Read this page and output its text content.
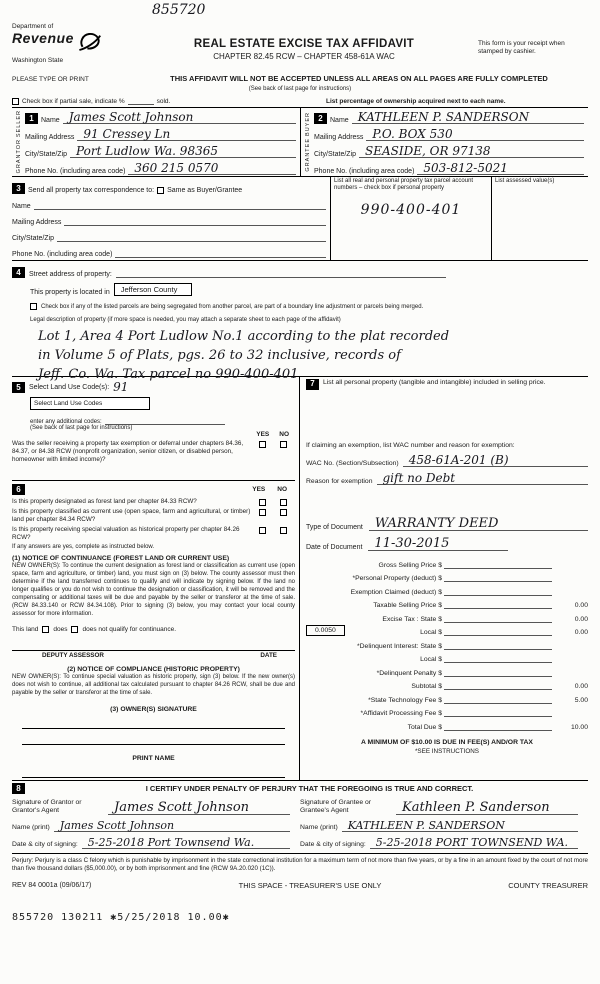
855720
Department of
Revenue
Washington State
REAL ESTATE EXCISE TAX AFFIDAVIT
CHAPTER 82.45 RCW – CHAPTER 458-61A WAC
This form is your receipt when stamped by cashier.
PLEASE TYPE OR PRINT	THIS AFFIDAVIT WILL NOT BE ACCEPTED UNLESS ALL AREAS ON ALL PAGES ARE FULLY COMPLETED
(See back of last page for instructions)
Check box if partial sale, indicate %	sold.	List percentage of ownership acquired next to each name.
SELLER
GRANTOR
1	Name James Scott Johnson
Mailing Address 91 Cressey Ln
City/State/Zip Port Ludlow Wa. 98365
Phone No. (including area code) 360 215 0570
BUYER
GRANTEE
2	Name KATHLEEN P. SANDERSON
Mailing Address P.O. BOX 530
City/State/Zip SEASIDE, OR 97138
Phone No. (including area code) 503-812-5021
3	Send all property tax correspondence to: Same as Buyer/Grantee
Name
Mailing Address
City/State/Zip
Phone No. (including area code)
List all real and personal property tax parcel account numbers – check box if personal property
990-400-401
List assessed value(s)
4	Street address of property:
This property is located in	Jefferson County
Check box if any of the listed parcels are being segregated from another parcel, are part of a boundary line adjustment or parcels being merged.
Legal description of property (if more space is needed, you may attach a separate sheet to each page of the affidavit)
Lot 1, Area 4 Port Ludlow No.1 according to the plat recorded
in Volume 5 of Plats, pgs. 26 to 32 inclusive, records of
Jeff. Co. Wa. Tax parcel no 990-400-401
5	Select Land Use Code(s): 91
Select Land Use Codes
enter any additional codes:
(See back of last page for instructions)
YES NO
Was the seller receiving a property tax exemption or deferral under chapters 84.36, 84.37, or 84.38 RCW (nonprofit organization, senior citizen, or disabled person, homeowner with limited income)?
6	YES NO
Is this property designated as forest land per chapter 84.33 RCW?
Is this property classified as current use (open space, farm and agricultural, or timber) land per chapter 84.34 RCW?
Is this property receiving special valuation as historical property per chapter 84.26 RCW?
If any answers are yes, complete as instructed below.
(1) NOTICE OF CONTINUANCE (FOREST LAND OR CURRENT USE)
NEW OWNER(S): To continue the current designation as forest land or classification as current use (open space, farm and agriculture, or timber) land, you must sign on (3) below. The county assessor must then determine if the land transferred continues to qualify and will indicate by signing below. If the land no longer qualifies or you do not wish to continue the designation or classification, it will be removed and the compensating or additional taxes will be due and payable by the seller or transferor at the time of sale. (RCW 84.33.140 or RCW 84.34.108). Prior to signing (3) below, you may contact your local county assessor for more information.
This land does does not qualify for continuance.
DEPUTY ASSESSOR	DATE
(2) NOTICE OF COMPLIANCE (HISTORIC PROPERTY)
NEW OWNER(S): To continue special valuation as historic property, sign (3) below. If the new owner(s) does not wish to continue, all additional tax calculated pursuant to chapter 84.26 RCW, shall be due and payable by the seller or transferor at the time of sale.
(3) OWNER(S) SIGNATURE
PRINT NAME
7	List all personal property (tangible and intangible) included in selling price.
If claiming an exemption, list WAC number and reason for exemption:
WAC No. (Section/Subsection) 458-61A-201 (B)
Reason for exemption gift no Debt
Type of Document WARRANTY DEED
Date of Document 11-30-2015
Gross Selling Price $
*Personal Property (deduct) $
Exemption Claimed (deduct) $
Taxable Selling Price $	0.00
Excise Tax : State $	0.00
0.0050	Local $	0.00
*Delinquent Interest: State $
Local $
*Delinquent Penalty $
Subtotal $	0.00
*State Technology Fee $	5.00
*Affidavit Processing Fee $
Total Due $	10.00
A MINIMUM OF $10.00 IS DUE IN FEE(S) AND/OR TAX
*SEE INSTRUCTIONS
8	I CERTIFY UNDER PENALTY OF PERJURY THAT THE FOREGOING IS TRUE AND CORRECT.
Signature of Grantor or Grantor's Agent	James Scott Johnson
Name (print) James Scott Johnson
Date & city of signing: 5-25-2018 Port Townsend Wa.
Signature of Grantee or Grantee's Agent	Kathleen P. Sanderson
Name (print) KATHLEEN P. SANDERSON
Date & city of signing: 5-25-2018 PORT TOWNSEND WA.
Perjury: Perjury is a class C felony which is punishable by imprisonment in the state correctional institution for a maximum term of not more than five years, or by a fine in an amount fixed by the court of not more than five thousand dollars ($5,000.00), or by both imprisonment and fine (RCW 9A.20.020 (1C)).
REV 84 0001a (09/06/17)	THIS SPACE - TREASURER'S USE ONLY	COUNTY TREASURER
855720 130211 ✱5/25/2018 10.00✱
